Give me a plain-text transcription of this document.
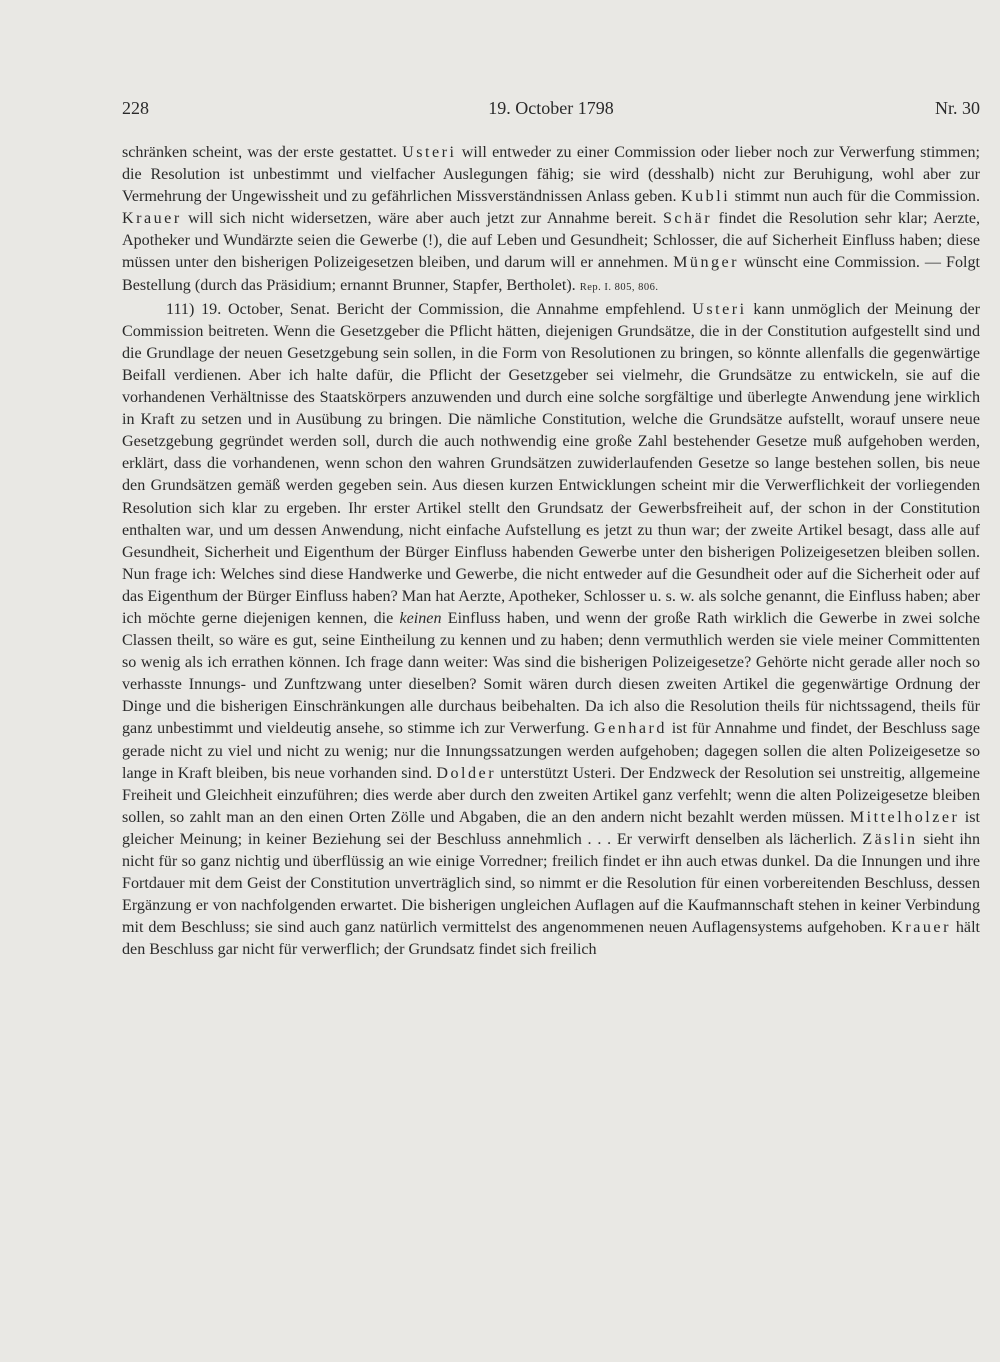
228	19. October 1798	Nr. 30

schränken scheint, was der erste gestattet. Usteri will entweder zu einer Commission oder lieber noch zur Verwerfung stimmen; die Resolution ist unbestimmt und vielfacher Auslegungen fähig; sie wird (desshalb) nicht zur Beruhigung, wohl aber zur Vermehrung der Ungewissheit und zu gefährlichen Missverständnissen Anlass geben. Kubli stimmt nun auch für die Commission. Krauer will sich nicht widersetzen, wäre aber auch jetzt zur Annahme bereit. Schär findet die Resolution sehr klar; Aerzte, Apotheker und Wundärzte seien die Gewerbe (!), die auf Leben und Gesundheit; Schlosser, die auf Sicherheit Einfluss haben; diese müssen unter den bisherigen Polizeigesetzen bleiben, und darum will er annehmen. Münger wünscht eine Commission. — Folgt Bestellung (durch das Präsidium; ernannt Brunner, Stapfer, Bertholet). Rep. I. 805, 806.

111) 19. October, Senat. Bericht der Commission, die Annahme empfehlend. Usteri kann unmöglich der Meinung der Commission beitreten. Wenn die Gesetzgeber die Pflicht hätten, diejenigen Grundsätze, die in der Constitution aufgestellt sind und die Grundlage der neuen Gesetzgebung sein sollen, in die Form von Resolutionen zu bringen, so könnte allenfalls die gegenwärtige Beifall verdienen. Aber ich halte dafür, die Pflicht der Gesetzgeber sei vielmehr, die Grundsätze zu entwickeln, sie auf die vorhandenen Verhältnisse des Staatskörpers anzuwenden und durch eine solche sorgfältige und überlegte Anwendung jene wirklich in Kraft zu setzen und in Ausübung zu bringen. Die nämliche Constitution, welche die Grundsätze aufstellt, worauf unsere neue Gesetzgebung gegründet werden soll, durch die auch nothwendig eine große Zahl bestehender Gesetze muß aufgehoben werden, erklärt, dass die vorhandenen, wenn schon den wahren Grundsätzen zuwiderlaufenden Gesetze so lange bestehen sollen, bis neue den Grundsätzen gemäß werden gegeben sein. Aus diesen kurzen Entwicklungen scheint mir die Verwerflichkeit der vorliegenden Resolution sich klar zu ergeben. Ihr erster Artikel stellt den Grundsatz der Gewerbsfreiheit auf, der schon in der Constitution enthalten war, und um dessen Anwendung, nicht einfache Aufstellung es jetzt zu thun war; der zweite Artikel besagt, dass alle auf Gesundheit, Sicherheit und Eigenthum der Bürger Einfluss habenden Gewerbe unter den bisherigen Polizeigesetzen bleiben sollen. Nun frage ich: Welches sind diese Handwerke und Gewerbe, die nicht entweder auf die Gesundheit oder auf die Sicherheit oder auf das Eigenthum der Bürger Einfluss haben? Man hat Aerzte, Apotheker, Schlosser u. s. w. als solche genannt, die Einfluss haben; aber ich möchte gerne diejenigen kennen, die keinen Einfluss haben, und wenn der große Rath wirklich die Gewerbe in zwei solche Classen theilt, so wäre es gut, seine Eintheilung zu kennen und zu haben; denn vermuthlich werden sie viele meiner Committenten so wenig als ich errathen können. Ich frage dann weiter: Was sind die bisherigen Polizeigesetze? Gehörte nicht gerade aller noch so verhasste Innungs- und Zunftzwang unter dieselben? Somit wären durch diesen zweiten Artikel die gegenwärtige Ordnung der Dinge und die bisherigen Einschränkungen alle durchaus beibehalten. Da ich also die Resolution theils für nichtssagend, theils für ganz unbestimmt und vieldeutig ansehe, so stimme ich zur Verwerfung. Genhard ist für Annahme und findet, der Beschluss sage gerade nicht zu viel und nicht zu wenig; nur die Innungssatzungen werden aufgehoben; dagegen sollen die alten Polizeigesetze so lange in Kraft bleiben, bis neue vorhanden sind. Dolder unterstützt Usteri. Der Endzweck der Resolution sei unstreitig, allgemeine Freiheit und Gleichheit einzuführen; dies werde aber durch den zweiten Artikel ganz verfehlt; wenn die alten Polizeigesetze bleiben sollen, so zahlt man an den einen Orten Zölle und Abgaben, die an den andern nicht bezahlt werden müssen. Mittelholzer ist gleicher Meinung; in keiner Beziehung sei der Beschluss annehmlich . . . Er verwirft denselben als lächerlich. Zäslin sieht ihn nicht für so ganz nichtig und überflüssig an wie einige Vorredner; freilich findet er ihn auch etwas dunkel. Da die Innungen und ihre Fortdauer mit dem Geist der Constitution unverträglich sind, so nimmt er die Resolution für einen vorbereitenden Beschluss, dessen Ergänzung er von nachfolgenden erwartet. Die bisherigen ungleichen Auflagen auf die Kaufmannschaft stehen in keiner Verbindung mit dem Beschluss; sie sind auch ganz natürlich vermittelst des angenommenen neuen Auflagensystems aufgehoben. Krauer hält den Beschluss gar nicht für verwerflich; der Grundsatz findet sich freilich
